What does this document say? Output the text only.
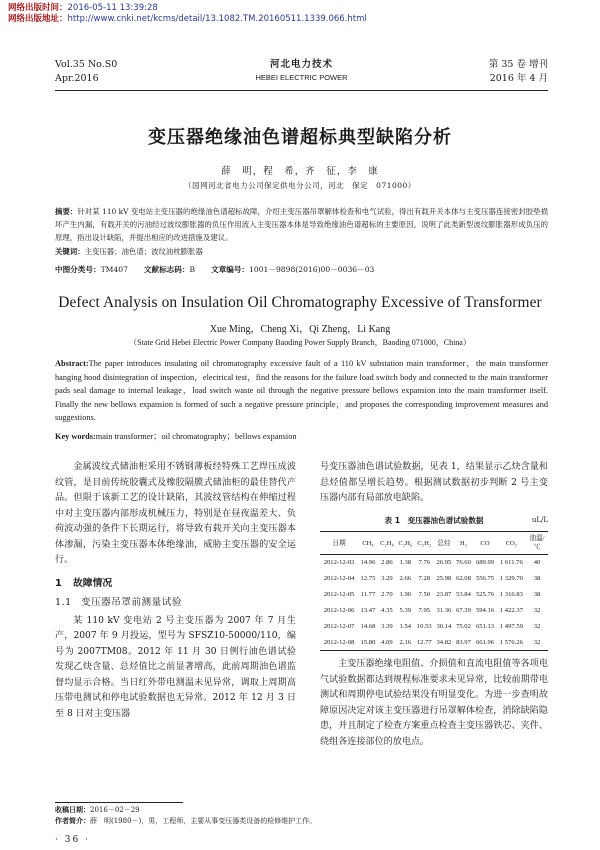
网络出版时间：2016-05-11 13:39:28
网络出版地址：http://www.cnki.net/kcms/detail/13.1082.TM.20160511.1339.066.html
Vol.35 No.S0
Apr.2016
河北电力技术
HEBEI ELECTRIC POWER
第 35 卷 增刊
2016 年 4 月
变压器绝缘油色谱超标典型缺陷分析
薛　明，程　希，齐　征，李　康
（国网河北省电力公司保定供电分公司，河北　保定　071000）
摘要：针对某 110 kV 变电站主变压器的绝缘油色谱超标故障，介绍主变压器吊罩解体检查和电气试验，得出有载开关本体与主变压器连接密封胶垫损坏产生内漏，有载开关的污油经过波纹膨胀器的负压作用流入主变压器本体是导致绝缘油色谱超标的主要原因，说明了此类新型波纹膨胀器形成负压的原理，指出设计缺陷，并提出相应的改进措施及建议。
关键词：主变压器；油色谱；波纹油枕膨胀器
中图分类号：TM407 文献标志码：B 文章编号：1001－9898(2016)00－0036－03
Defect Analysis on Insulation Oil Chromatography Excessive of Transformer
Xue Ming，Cheng Xi，Qi Zheng，Li Kang
（State Grid Hebei Electric Power Company Baoding Power Supply Branch，Baoding 071000，China）
Abstract:The paper introduces insulating oil chromatography excessive fault of a 110 kV substation main transformer，the main transformer hanging hood disintegration of inspection，electrical test，find the reasons for the failure load switch body and connected to the main transformer pads seal damage to internal leakage，load switch waste oil through the negative pressure bellows expansion into the main transformer itself. Finally the new bellows expansion is formed of such a negative pressure principle，and proposes the corresponding improvement measures and suggestions.
Key words:main transformer；oil chromatography；bellows expansion

金属波纹式储油柜采用不锈钢薄板经特殊工艺焊压成波纹管，是目前传统胶囊式及橡胶隔膜式储油柜的最佳替代产品。但限于该新工艺的设计缺陷，其波纹管结构在伸缩过程中对主变压器内部形成机械压力，特别是在昼夜温差大、负荷波动强的条件下长期运行，将导致有载开关向主变压器本体渗漏，污染主变压器本体绝缘油，威胁主变压器的安全运行。

1 故障情况
1.1 变压器吊罩前测量试验

某 110 kV 变电站 2 号主变压器为 2007 年 7 月生产，2007 年 9 月投运，型号为 SFSZ10-50000/110，编号为 2007TM08。2012 年 11 月 30 日例行油色谱试验发现乙炔含量、总烃值比之前显著增高，此前周期油色谱监督均显示合格。当日红外带电测温未见异常，调取上周期高压带电测试和停电试验数据也无异常。2012 年 12 月 3 日至 8 日对主变压器

号变压器油色谱试验数据，见表 1，结果显示乙炔含量和总烃值都呈增长趋势。根据测试数据初步判断 2 号主变压器内部有局部放电缺陷。

表 1　变压器油色谱试验数据	uL/L
日期	CH₄	C₂H₄	C₂H₆	C₂H₂	总烃	H₂	CO	CO₂	油温/℃
2012-12-03	14.96	2.86	1.38	7.76	26.95	76.60	689.99	1 611.76	40
2012-12-04	12.75	3.29	2.66	7.28	25.98	62.08	556.75	1 329.70	38
2012-12-05	11.77	2.70	1.90	7.50	23.87	53.84	525.76	1 316.83	38
2012-12-06	13.47	4.35	5.39	7.95	31.36	67.39	594.16	1 422.37	32
2012-12-07	14.68	3.39	1.54	10.53	30.14	75.02	651.13	1 497.59	32
2012-12-08	15.80	4.09	2.16	12.77	34.82	83.97	661.96	1 576.26	32

主变压器绝缘电阻值、介损值和直流电阻值等各项电气试验数据都达到规程标准要求未见异常，比较前期带电测试和周期停电试验结果没有明显变化。为进一步查明故障原因决定对该主变压器进行吊罩解体检查，消除缺陷隐患，并且制定了检查方案重点检查主变压器铁芯、夹件、绕组各连接部位的放电点。

收稿日期：2016－02－29
作者简介：薛　明(1980－)，男，工程师，主要从事变压器类设备的检修维护工作。
· 36 ·
